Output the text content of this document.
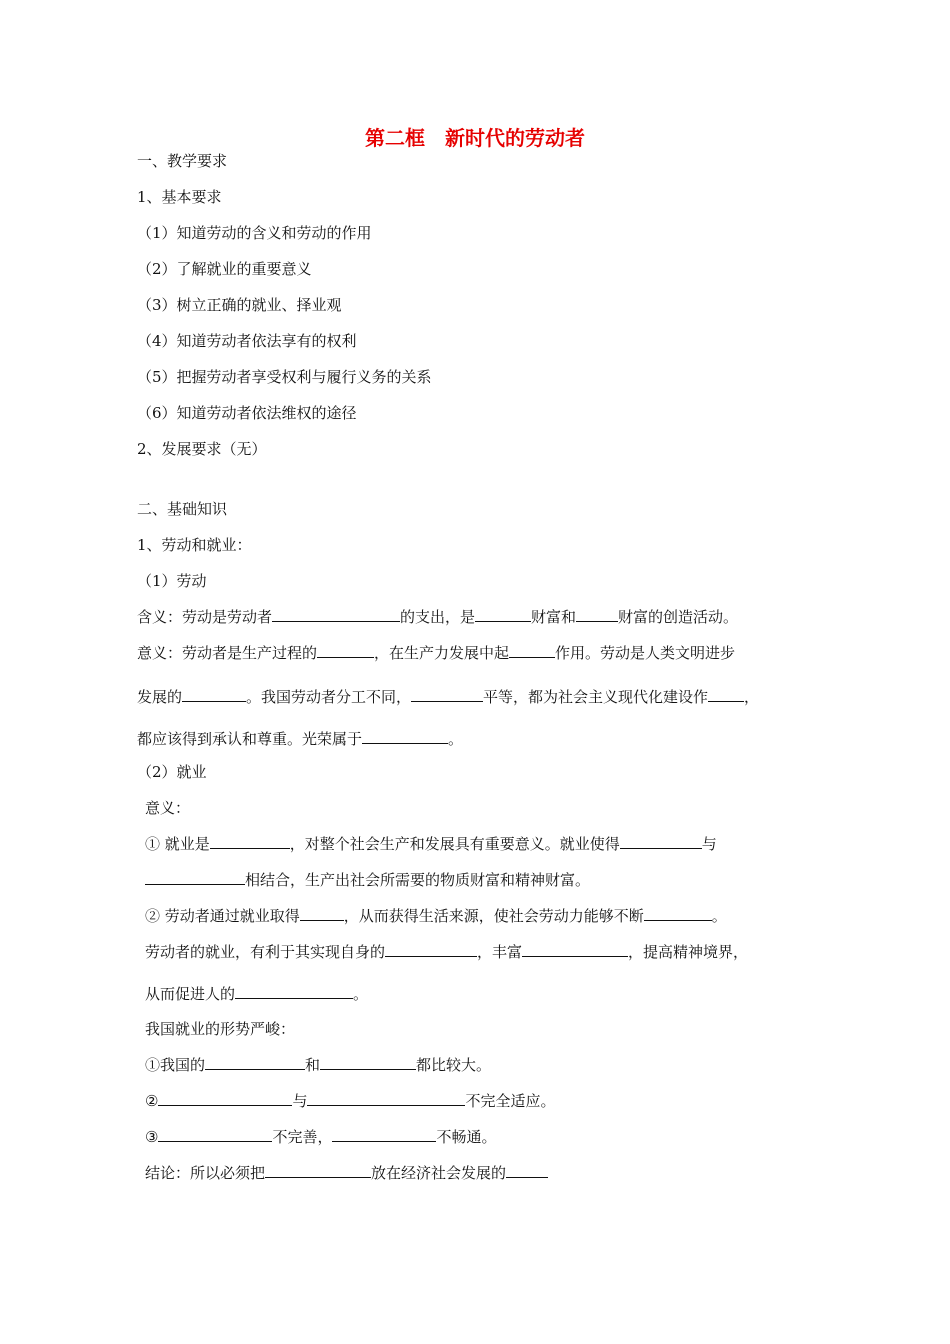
第二框　新时代的劳动者
一、教学要求
1、基本要求
（1）知道劳动的含义和劳动的作用
（2）了解就业的重要意义
（3）树立正确的就业、择业观
（4）知道劳动者依法享有的权利
（5）把握劳动者享受权利与履行义务的关系
（6）知道劳动者依法维权的途径
2、发展要求（无）
二、基础知识
1、劳动和就业：
（1）劳动
含义：劳动是劳动者	的支出，是	财富和	财富的创造活动。
意义：劳动者是生产过程的	，在生产力发展中起	作用。劳动是人类文明进步
发展的	。我国劳动者分工不同，	平等，都为社会主义现代化建设作 ，
都应该得到承认和尊重。光荣属于	。
（2）就业
意义：
① 就业是	，对整个社会生产和发展具有重要意义。就业使得	与
相结合，生产出社会所需要的物质财富和精神财富。
② 劳动者通过就业取得	，从而获得生活来源，使社会劳动力能够不断	。
劳动者的就业，有利于其实现自身的	，丰富	，提高精神境界，
从而促进人的	。
我国就业的形势严峻：
①我国的	和	都比较大。
②	与	不完全适应。
③	不完善，	不畅通。
结论：所以必须把	放在经济社会发展的
